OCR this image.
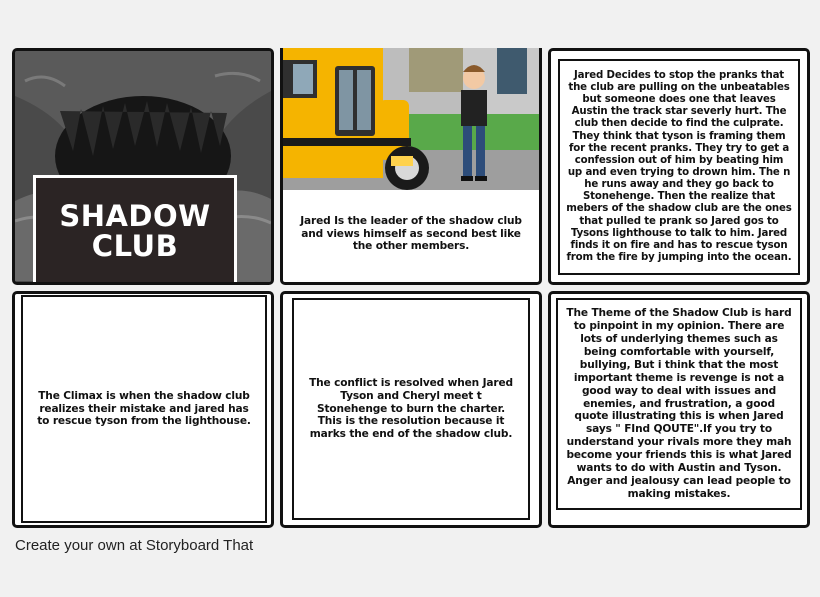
SHADOW
CLUB
Jared Is the leader of the shadow club and views himself as second best like the other members.
Jared Decides to stop the pranks that the club are pulling on the unbeatables but someone does one that leaves Austin the track star severly hurt. The club then decide to find the culprate. They think that tyson is framing them for the recent pranks. They try to get a confession out of him by beating him up and even trying to drown him. The n he runs away and they go back to Stonehenge. Then the realize that mebers of the shadow club are the ones that pulled te prank so Jared gos to Tysons lighthouse to talk to him. Jared finds it on fire and has to rescue tyson from the fire by jumping into the ocean.
The Climax is when the shadow club realizes their mistake and jared has to rescue tyson from the lighthouse.
The conflict is resolved when Jared Tyson and Cheryl meet t Stonehenge to burn the charter. This is the resolution because it marks the end of the shadow club.
The Theme of the Shadow Club is hard to pinpoint in my opinion. There are lots of underlying themes such as being comfortable with yourself, bullying, But i think that the most important theme is revenge is not a good way to deal with issues and enemies, and frustration, a good quote illustrating this is when Jared says " FInd QOUTE".If you try to understand your rivals more they mah become your friends this is what Jared wants to do with Austin and Tyson. Anger and jealousy can lead people to making mistakes.
Create your own at Storyboard That
